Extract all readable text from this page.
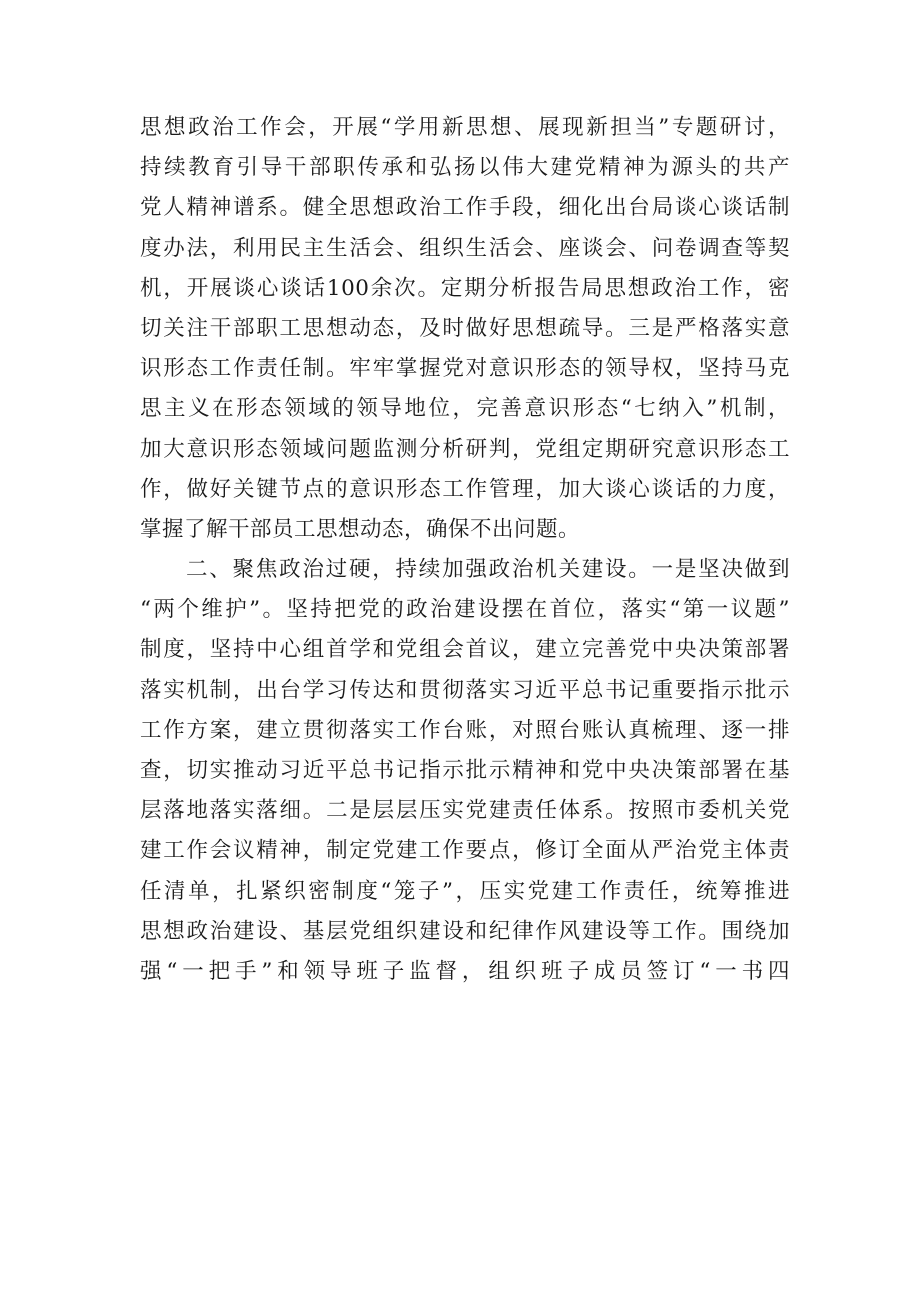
思想政治工作会，开展“学用新思想、展现新担当”专题研讨，
持续教育引导干部职传承和弘扬以伟大建党精神为源头的共产
党人精神谱系。健全思想政治工作手段，细化出台局谈心谈话制
度办法，利用民主生活会、组织生活会、座谈会、问卷调查等契
机，开展谈心谈话100余次。定期分析报告局思想政治工作，密
切关注干部职工思想动态，及时做好思想疏导。三是严格落实意
识形态工作责任制。牢牢掌握党对意识形态的领导权，坚持马克
思主义在形态领域的领导地位，完善意识形态“七纳入”机制，
加大意识形态领域问题监测分析研判，党组定期研究意识形态工
作，做好关键节点的意识形态工作管理，加大谈心谈话的力度，
掌握了解干部员工思想动态，确保不出问题。
二、聚焦政治过硬，持续加强政治机关建设。一是坚决做到
“两个维护”。坚持把党的政治建设摆在首位，落实“第一议题”
制度，坚持中心组首学和党组会首议，建立完善党中央决策部署
落实机制，出台学习传达和贯彻落实习近平总书记重要指示批示
工作方案，建立贯彻落实工作台账，对照台账认真梳理、逐一排
查，切实推动习近平总书记指示批示精神和党中央决策部署在基
层落地落实落细。二是层层压实党建责任体系。按照市委机关党
建工作会议精神，制定党建工作要点，修订全面从严治党主体责
任清单，扎紧织密制度“笼子”，压实党建工作责任，统筹推进
思想政治建设、基层党组织建设和纪律作风建设等工作。围绕加
强“一把手”和领导班子监督，组织班子成员签订“一书四
